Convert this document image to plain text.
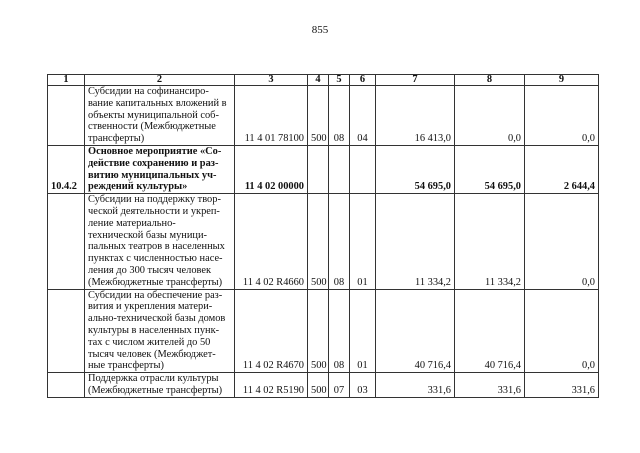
855
1	2	3	4	5	6	7	8	9
	Субсидии на софинансиро-вание капитальных вложений в объекты муниципальной соб-ственности (Межбюджетные трансферты)	11 4 01 78100	500	08	04	16 413,0	0,0	0,0
10.4.2	Основное мероприятие «Со-действие сохранению и раз-витию муниципальных уч-реждений культуры»	11 4 02 00000				54 695,0	54 695,0	2 644,4
	Субсидии на поддержку твор-ческой деятельности и укреп-ление материально-технической базы муници-пальных театров в населенных пунктах с численностью насе-ления до 300 тысяч человек (Межбюджетные трансферты)	11 4 02 R4660	500	08	01	11 334,2	11 334,2	0,0
	Субсидии на обеспечение раз-вития и укрепления матери-ально-технической базы домов культуры в населенных пунк-тах с числом жителей до 50 тысяч человек (Межбюджет-ные трансферты)	11 4 02 R4670	500	08	01	40 716,4	40 716,4	0,0
	Поддержка отрасли культуры (Межбюджетные трансферты)	11 4 02 R5190	500	07	03	331,6	331,6	331,6
